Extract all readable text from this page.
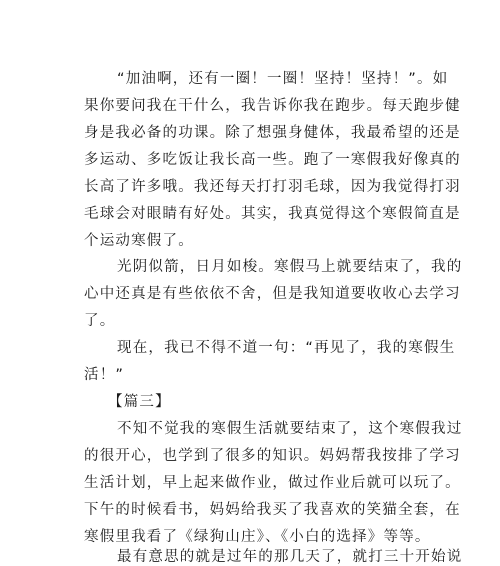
“加油啊，还有一圈！一圈！坚持！坚持！”。如
果你要问我在干什么，我告诉你我在跑步。每天跑步健
身是我必备的功课。除了想强身健体，我最希望的还是
多运动、多吃饭让我长高一些。跑了一寒假我好像真的
长高了许多哦。我还每天打打羽毛球，因为我觉得打羽
毛球会对眼睛有好处。其实，我真觉得这个寒假简直是
个运动寒假了。
光阴似箭，日月如梭。寒假马上就要结束了，我的
心中还真是有些依依不舍，但是我知道要收收心去学习
了。
现在，我已不得不道一句：“再见了，我的寒假生
活！”
【篇三】
不知不觉我的寒假生活就要结束了，这个寒假我过
的很开心，也学到了很多的知识。妈妈帮我按排了学习
生活计划，早上起来做作业，做过作业后就可以玩了。
下午的时候看书，妈妈给我买了我喜欢的笑猫全套，在
寒假里我看了《绿狗山庄》、《小白的选择》等等。
最有意思的就是过年的那几天了，就打三十开始说
